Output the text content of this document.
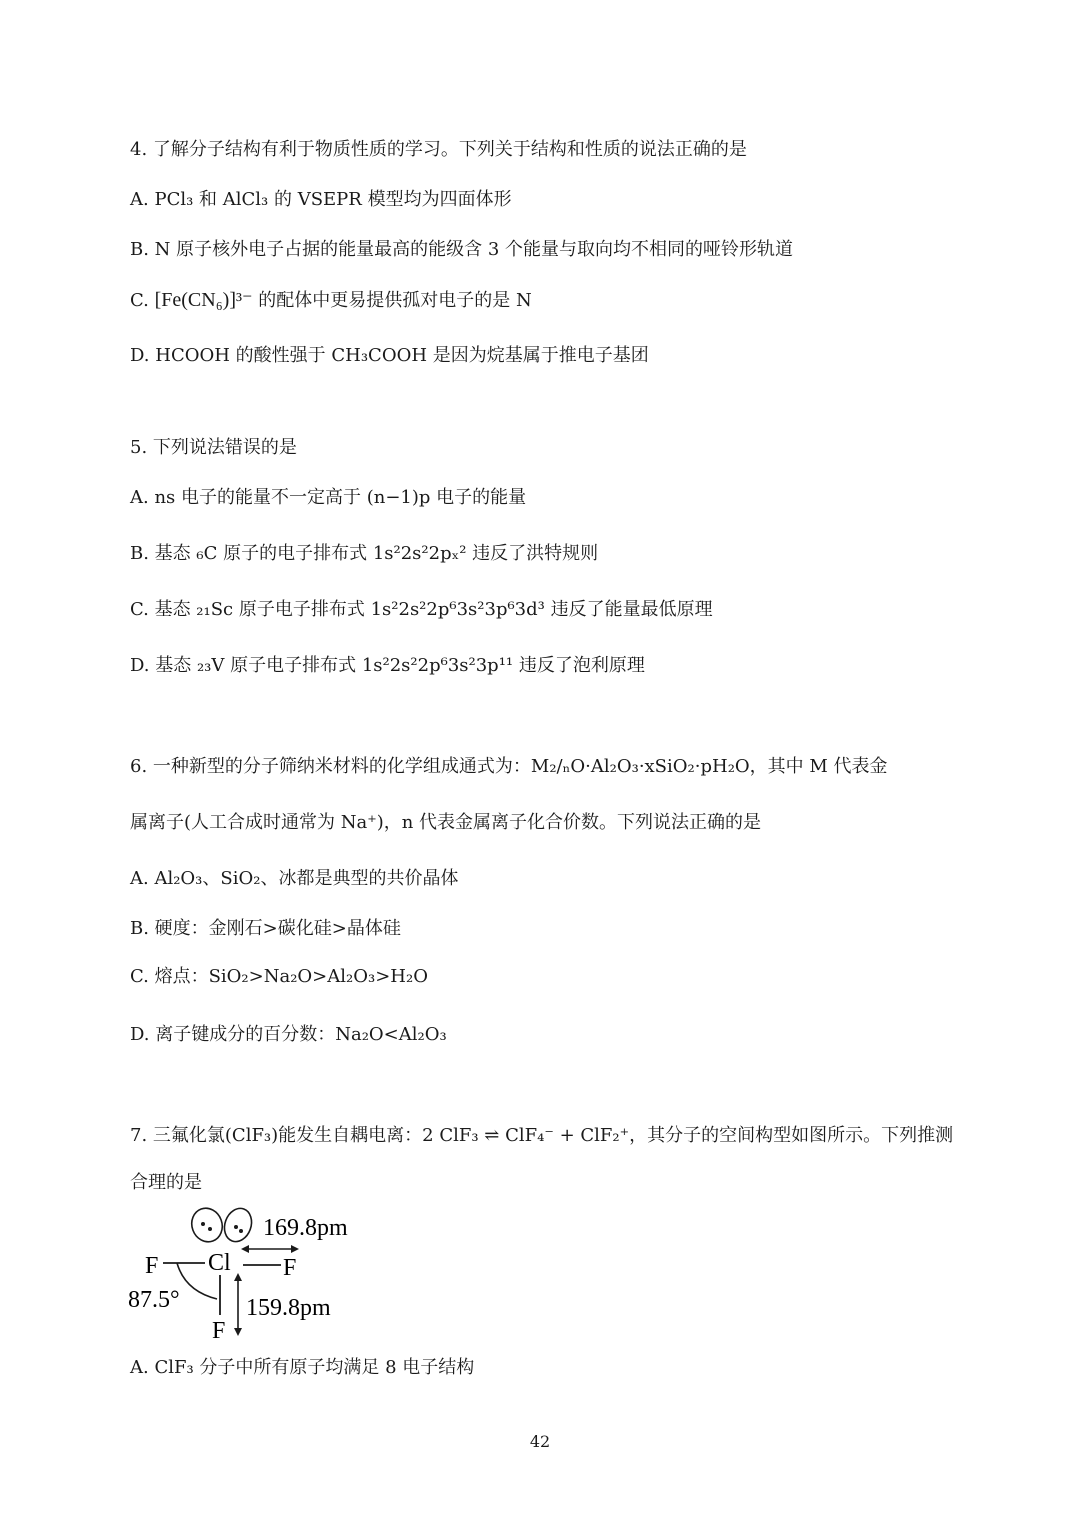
4. 了解分子结构有利于物质性质的学习。下列关于结构和性质的说法正确的是
A. PCl₃ 和 AlCl₃ 的 VSEPR 模型均为四面体形
B. N 原子核外电子占据的能量最高的能级含 3 个能量与取向均不相同的哑铃形轨道
C. [Fe(CN₆)]³⁻ 的配体中更易提供孤对电子的是 N
D. HCOOH 的酸性强于 CH₃COOH 是因为烷基属于推电子基团
5. 下列说法错误的是
A. ns 电子的能量不一定高于 (n−1)p 电子的能量
B. 基态 ₆C 原子的电子排布式 1s²2s²2pₓ² 违反了洪特规则
C. 基态 ₂₁Sc 原子电子排布式 1s²2s²2p⁶3s²3p⁶3d³ 违反了能量最低原理
D. 基态 ₂₃V 原子电子排布式 1s²2s²2p⁶3s²3p¹¹ 违反了泡利原理
6. 一种新型的分子筛纳米材料的化学组成通式为：M₂/ₙO·Al₂O₃·xSiO₂·pH₂O，其中 M 代表金
属离子(人工合成时通常为 Na⁺)，n 代表金属离子化合价数。下列说法正确的是
A. Al₂O₃、SiO₂、冰都是典型的共价晶体
B. 硬度：金刚石>碳化硅>晶体硅
C. 熔点：SiO₂>Na₂O>Al₂O₃>H₂O
D. 离子键成分的百分数：Na₂O<Al₂O₃
7. 三氟化氯(ClF₃)能发生自耦电离：2 ClF₃ ⇌ ClF₄⁻ + ClF₂⁺，其分子的空间构型如图所示。下列推测
合理的是
F Cl F
F
169.8pm
159.8pm
87.5°
A. ClF₃ 分子中所有原子均满足 8 电子结构
42
